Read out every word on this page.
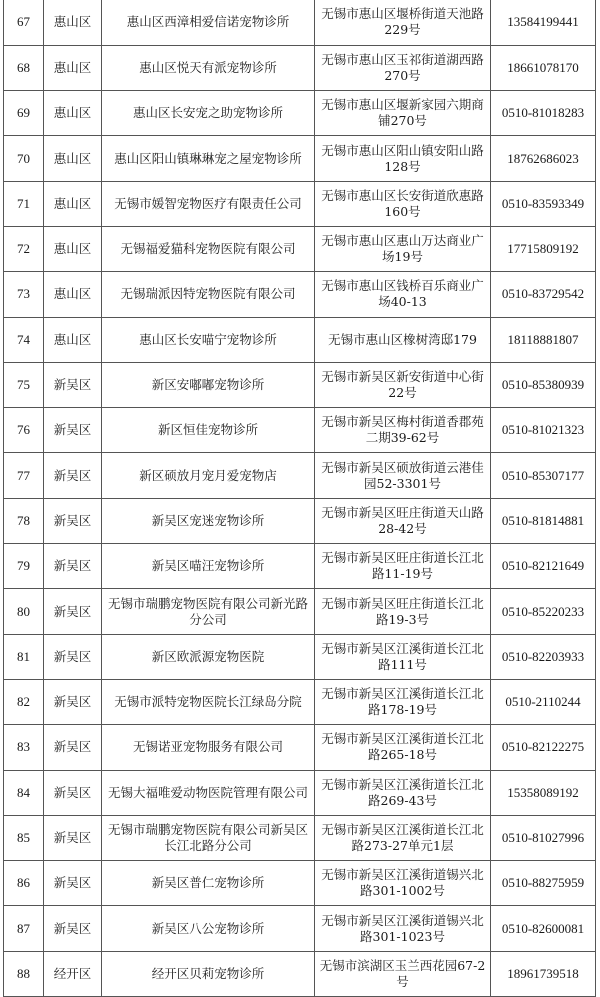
67	惠山区	惠山区西漳相爱信诺宠物诊所	无锡市惠山区堰桥街道天池路229号	13584199441
68	惠山区	惠山区悦天有派宠物诊所	无锡市惠山区玉祁街道湖西路270号	18661078170
69	惠山区	惠山区长安宠之助宠物诊所	无锡市惠山区堰新家园六期商铺270号	0510-81018283
70	惠山区	惠山区阳山镇琳琳宠之屋宠物诊所	无锡市惠山区阳山镇安阳山路128号	18762686023
71	惠山区	无锡市媛智宠物医疗有限责任公司	无锡市惠山区长安街道欣惠路160号	0510-83593349
72	惠山区	无锡福爱猫科宠物医院有限公司	无锡市惠山区惠山万达商业广场19号	17715809192
73	惠山区	无锡瑞派因特宠物医院有限公司	无锡市惠山区钱桥百乐商业广场40-13	0510-83729542
74	惠山区	惠山区长安喵宁宠物诊所	无锡市惠山区橡树湾邸179	18118881807
75	新吴区	新区安嘟嘟宠物诊所	无锡市新吴区新安街道中心街22号	0510-85380939
76	新吴区	新区恒佳宠物诊所	无锡市新吴区梅村街道香郡苑二期39-62号	0510-81021323
77	新吴区	新区硕放月宠月爱宠物店	无锡市新吴区硕放街道云港佳园52-3301号	0510-85307177
78	新吴区	新吴区宠迷宠物诊所	无锡市新吴区旺庄街道天山路28-42号	0510-81814881
79	新吴区	新吴区喵汪宠物诊所	无锡市新吴区旺庄街道长江北路11-19号	0510-82121649
80	新吴区	无锡市瑞鹏宠物医院有限公司新光路分公司	无锡市新吴区旺庄街道长江北路19-3号	0510-85220233
81	新吴区	新区欧派源宠物医院	无锡市新吴区江溪街道长江北路111号	0510-82203933
82	新吴区	无锡市派特宠物医院长江绿岛分院	无锡市新吴区江溪街道长江北路178-19号	0510-2110244
83	新吴区	无锡诺亚宠物服务有限公司	无锡市新吴区江溪街道长江北路265-18号	0510-82122275
84	新吴区	无锡大福唯爱动物医院管理有限公司	无锡市新吴区江溪街道长江北路269-43号	15358089192
85	新吴区	无锡市瑞鹏宠物医院有限公司新吴区长江北路分公司	无锡市新吴区江溪街道长江北路273-27单元1层	0510-81027996
86	新吴区	新吴区普仁宠物诊所	无锡市新吴区江溪街道锡兴北路301-1002号	0510-88275959
87	新吴区	新吴区八公宠物诊所	无锡市新吴区江溪街道锡兴北路301-1023号	0510-82600081
88	经开区	经开区贝莉宠物诊所	无锡市滨湖区玉兰西花园67-2号	18961739518
